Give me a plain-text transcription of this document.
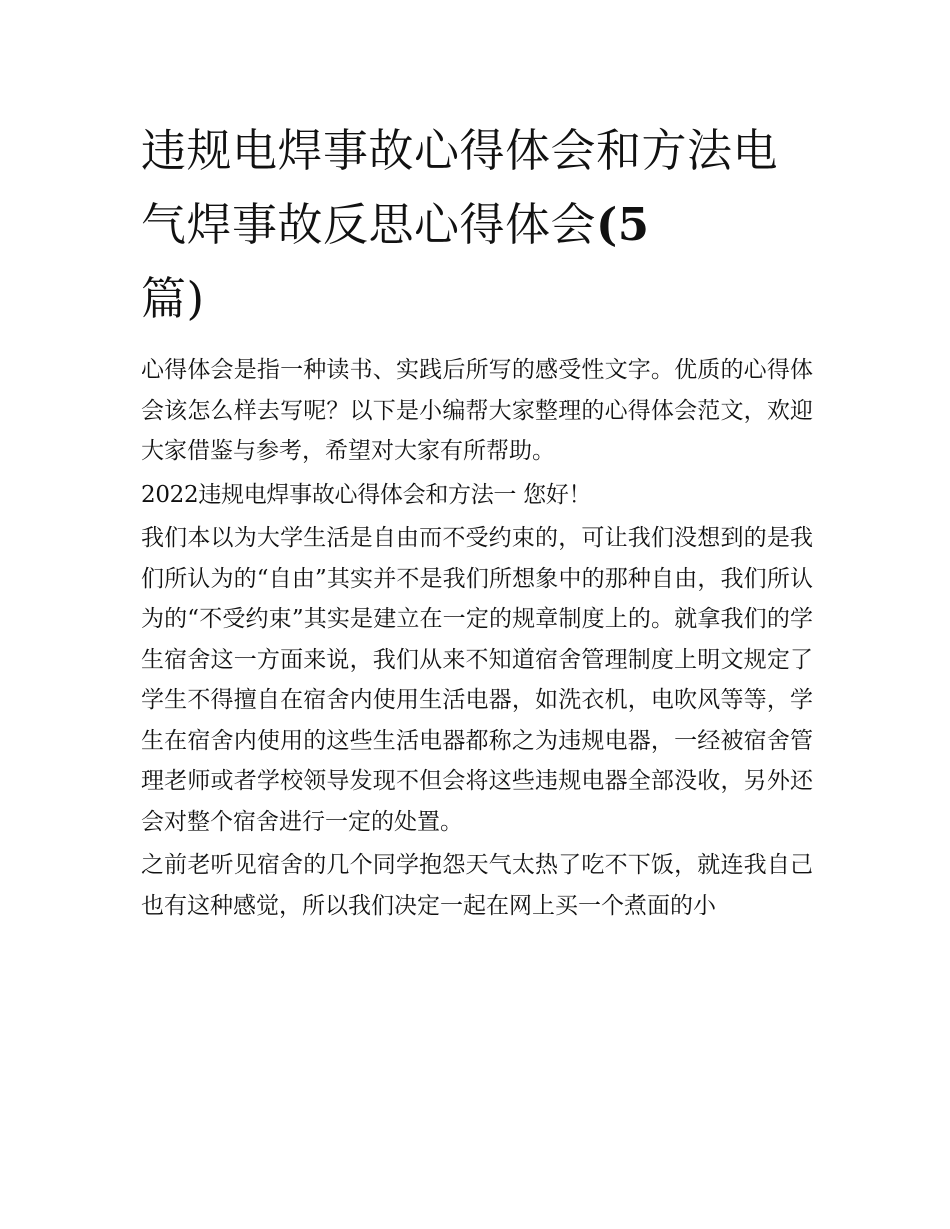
违规电焊事故心得体会和方法电气焊事故反思心得体会(5
篇)

心得体会是指一种读书、实践后所写的感受性文字。优质的心得体会该怎么样去写呢？以下是小编帮大家整理的心得体会范文，欢迎大家借鉴与参考，希望对大家有所帮助。

2022违规电焊事故心得体会和方法一 您好！

我们本以为大学生活是自由而不受约束的，可让我们没想到的是我们所认为的“自由”其实并不是我们所想象中的那种自由，我们所认为的“不受约束”其实是建立在一定的规章制度上的。就拿我们的学生宿舍这一方面来说，我们从来不知道宿舍管理制度上明文规定了学生不得擅自在宿舍内使用生活电器，如洗衣机，电吹风等等，学生在宿舍内使用的这些生活电器都称之为违规电器，一经被宿舍管理老师或者学校领导发现不但会将这些违规电器全部没收，另外还会对整个宿舍进行一定的处置。

之前老听见宿舍的几个同学抱怨天气太热了吃不下饭，就连我自己也有这种感觉，所以我们决定一起在网上买一个煮面的小
